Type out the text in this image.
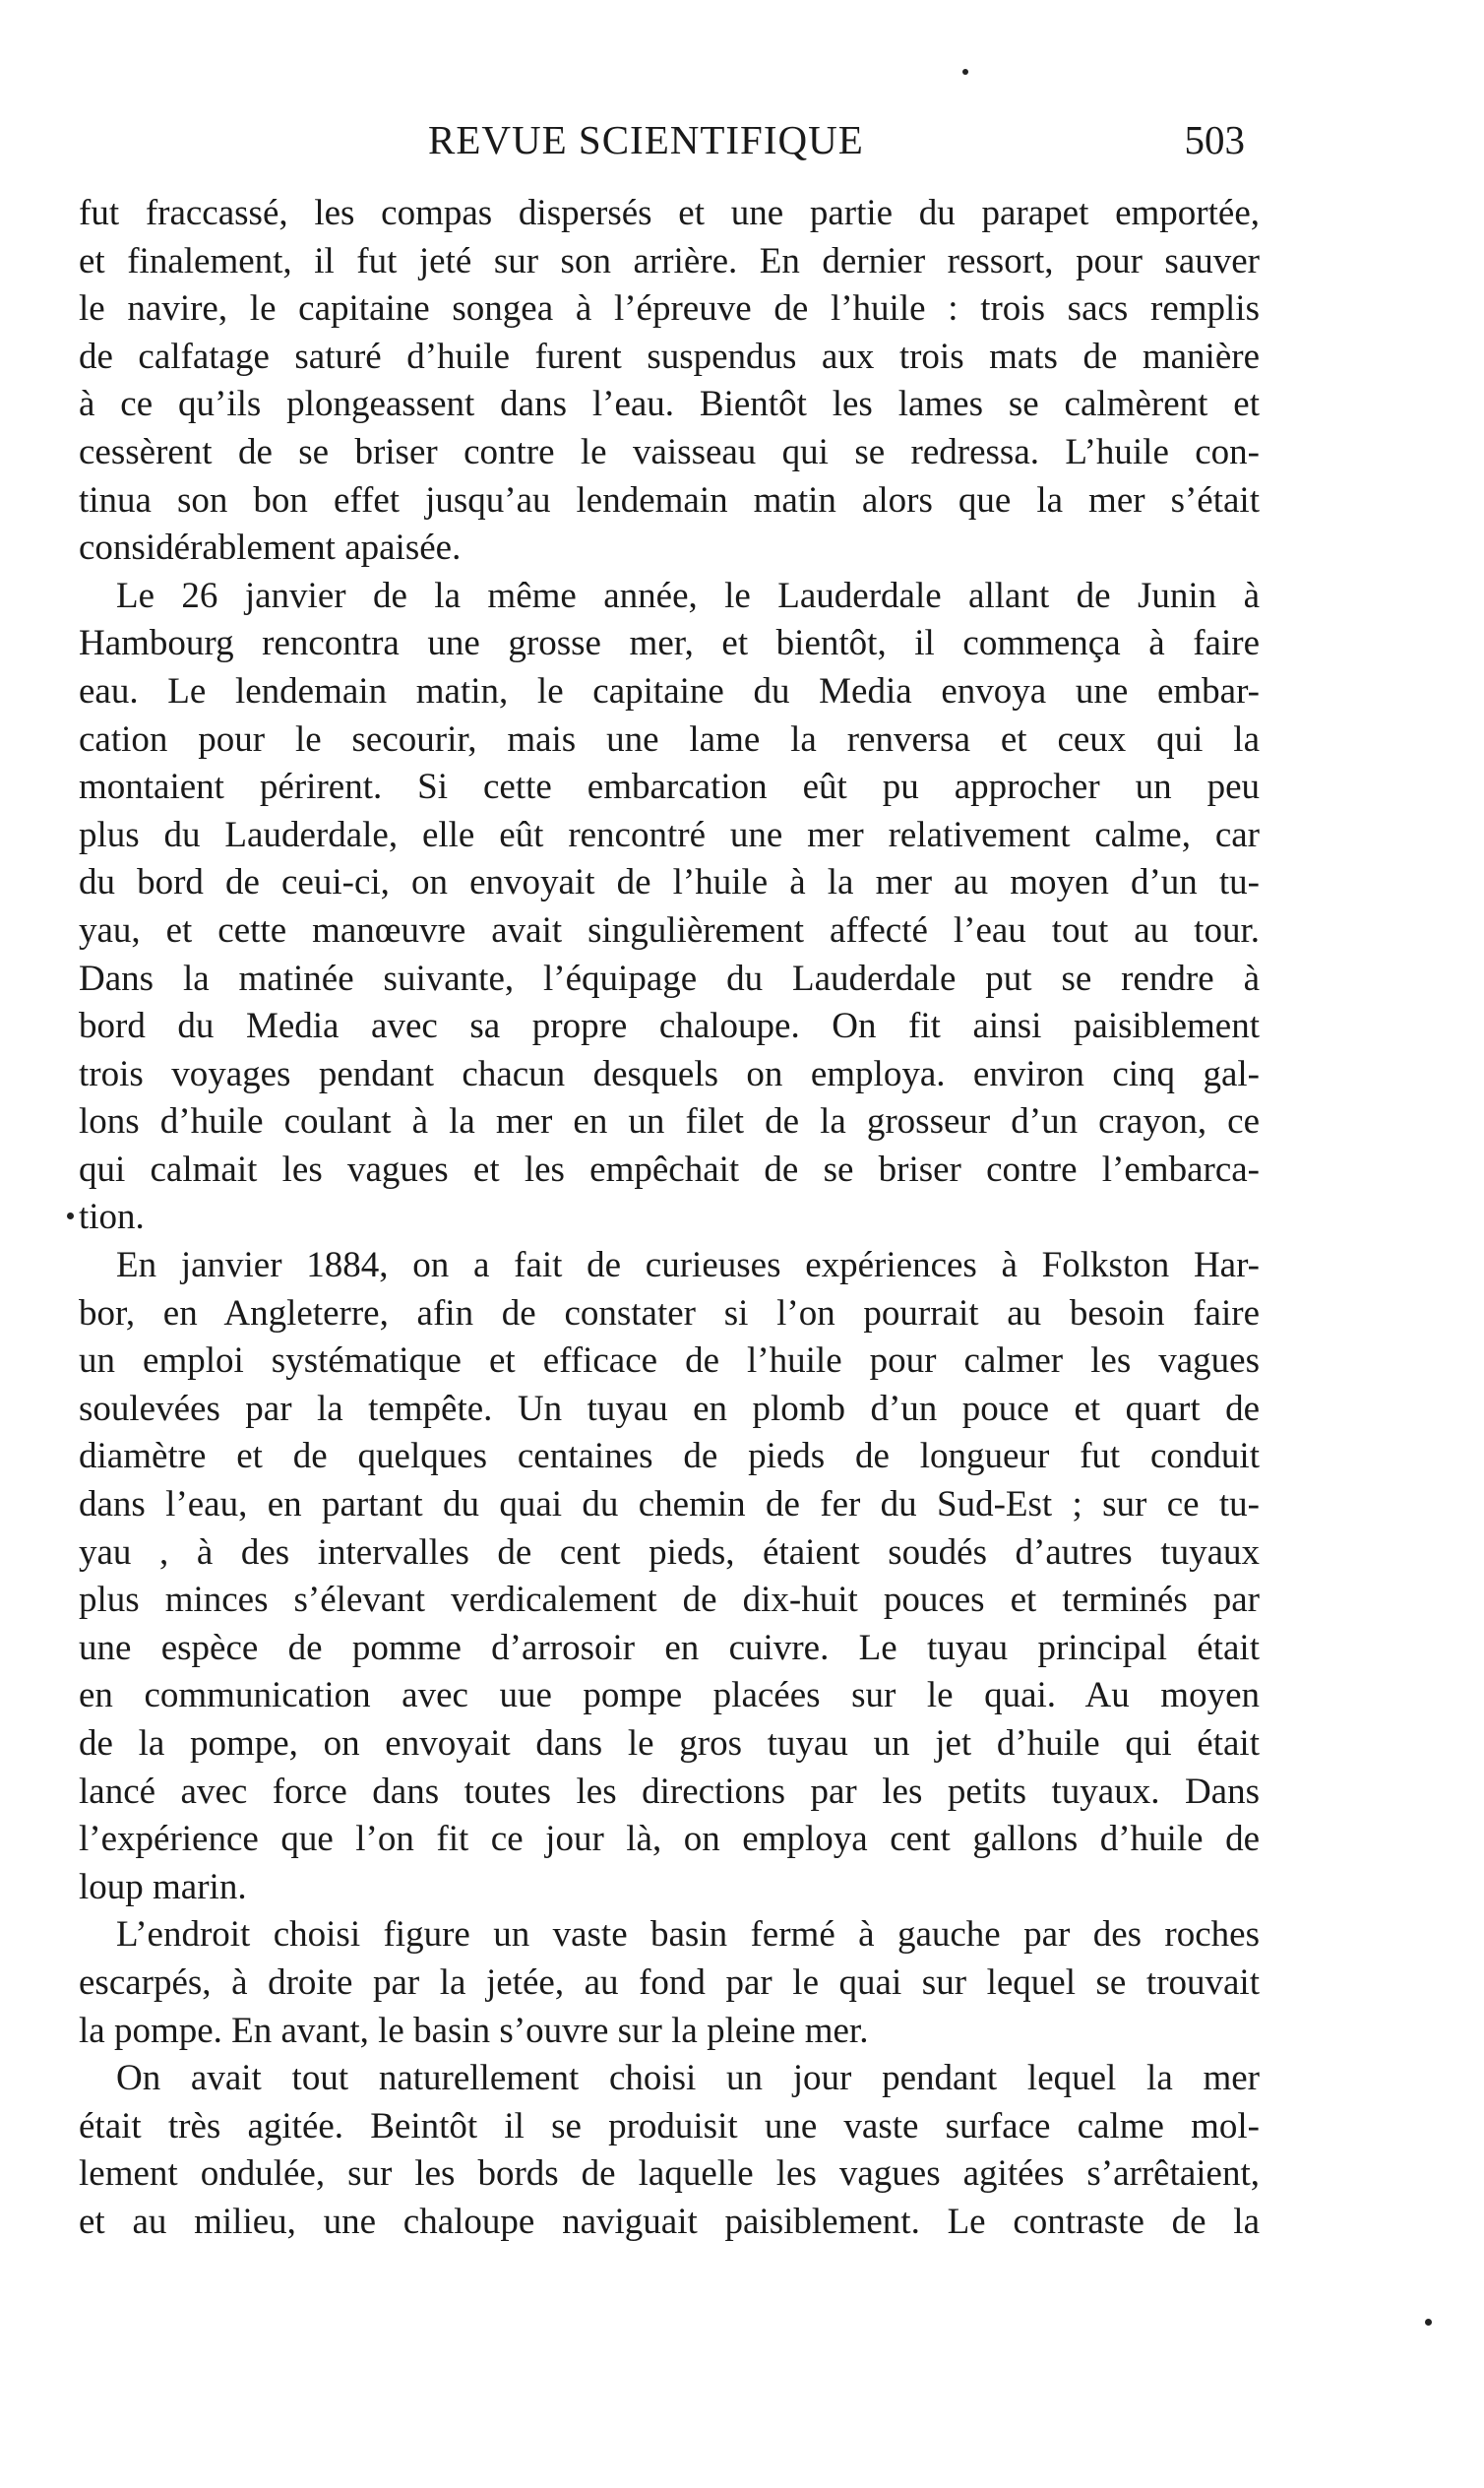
REVUE SCIENTIFIQUE	503
fut fraccassé, les compas dispersés et une partie du parapet emportée,
et finalement, il fut jeté sur son arrière. En dernier ressort, pour sauver
le navire, le capitaine songea à l’épreuve de l’huile : trois sacs remplis
de calfatage saturé d’huile furent suspendus aux trois mats de manière
à ce qu’ils plongeassent dans l’eau. Bientôt les lames se calmèrent et
cessèrent de se briser contre le vaisseau qui se redressa. L’huile con-
tinua son bon effet jusqu’au lendemain matin alors que la mer s’était
considérablement apaisée.
Le 26 janvier de la même année, le Lauderdale allant de Junin à
Hambourg rencontra une grosse mer, et bientôt, il commença à faire
eau. Le lendemain matin, le capitaine du Media envoya une embar-
cation pour le secourir, mais une lame la renversa et ceux qui la
montaient périrent. Si cette embarcation eût pu approcher un peu
plus du Lauderdale, elle eût rencontré une mer relativement calme, car
du bord de ceui-ci, on envoyait de l’huile à la mer au moyen d’un tu-
yau, et cette manœuvre avait singulièrement affecté l’eau tout au tour.
Dans la matinée suivante, l’équipage du Lauderdale put se rendre à
bord du Media avec sa propre chaloupe. On fit ainsi paisiblement
trois voyages pendant chacun desquels on employa. environ cinq gal-
lons d’huile coulant à la mer en un filet de la grosseur d’un crayon, ce
qui calmait les vagues et les empêchait de se briser contre l’embarca-
tion.
En janvier 1884, on a fait de curieuses expériences à Folkston Har-
bor, en Angleterre, afin de constater si l’on pourrait au besoin faire
un emploi systématique et efficace de l’huile pour calmer les vagues
soulevées par la tempête. Un tuyau en plomb d’un pouce et quart de
diamètre et de quelques centaines de pieds de longueur fut conduit
dans l’eau, en partant du quai du chemin de fer du Sud-Est ; sur ce tu-
yau , à des intervalles de cent pieds, étaient soudés d’autres tuyaux
plus minces s’élevant verdicalement de dix-huit pouces et terminés par
une espèce de pomme d’arrosoir en cuivre. Le tuyau principal était
en communication avec uue pompe placées sur le quai. Au moyen
de la pompe, on envoyait dans le gros tuyau un jet d’huile qui était
lancé avec force dans toutes les directions par les petits tuyaux. Dans
l’expérience que l’on fit ce jour là, on employa cent gallons d’huile de
loup marin.
L’endroit choisi figure un vaste basin fermé à gauche par des roches
escarpés, à droite par la jetée, au fond par le quai sur lequel se trouvait
la pompe. En avant, le basin s’ouvre sur la pleine mer.
On avait tout naturellement choisi un jour pendant lequel la mer
était très agitée. Beintôt il se produisit une vaste surface calme mol-
lement ondulée, sur les bords de laquelle les vagues agitées s’arrêtaient,
et au milieu, une chaloupe naviguait paisiblement. Le contraste de la
